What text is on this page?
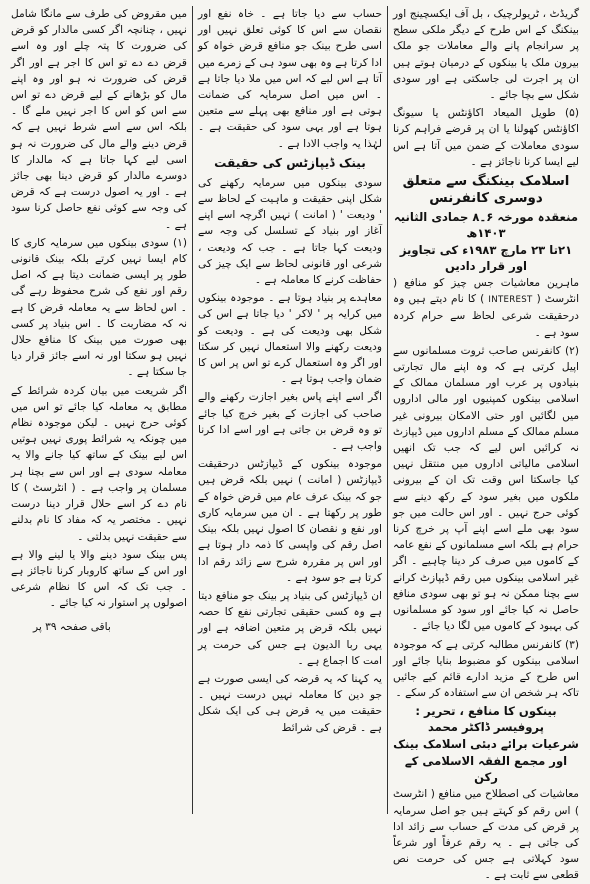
گریڈٹ ، ٹریولرچیک ، بل آف ایکسچینج اور بینکنگ کے اس طرح کے دیگر ملکی سطح پر سرانجام پانے والے معاملات جو ملک بیرون ملک یا بینکوں کے درمیان ہوتے ہیں ان پر اجرت لی جاسکتی ہے اور سودی شکل سے بچا جائے ۔

(۵) طویل المیعاد اکاؤنٹس یا سیونگ اکاؤنٹس کھولنا یا ان پر قرضے فراہم کرنا سودی معاملات کے ضمن میں آتا ہے اس لیے ایسا کرنا ناجائز ہے ۔

اسلامک بینکنگ سے متعلق دوسری کانفرنس
منعقدہ مورخہ ۶۔۸ جمادی الثانیہ ۱۴۰۳ھ
۲۱تا ۲۳ مارچ ۱۹۸۳ء کی تجاویز اور قرار دادیں

ماہرین معاشیات جس چیز کو منافع ( انٹرسٹ ( INTEREST ) کا نام دیتے ہیں وہ درحقیقت شرعی لحاظ سے حرام کردہ سود ہے ۔

(۲) کانفرنس صاحب ثروت مسلمانوں سے اپیل کرتی ہے کہ وہ اپنے مال تجارتی بنیادوں پر عرب اور مسلمان ممالک کے اسلامی بینکوں کمپنیوں اور مالی اداروں میں لگائیں اور حتی الامکان بیرونی غیر مسلم ممالک کے مسلم اداروں میں ڈیپازٹ نہ کرائیں اس لیے کہ جب تک انھیں اسلامی مالیاتی اداروں میں منتقل نہیں کیا جاسکتا اس وقت تک ان کے بیرونی ملکوں میں بغیر سود کے رکھ دینے سے کوئی حرج نہیں ۔ اور اس حالت میں جو سود بھی ملے اسے اپنے آپ پر خرچ کرنا حرام ہے بلکہ اسے مسلمانوں کے نفع عامہ کے کاموں میں صرف کر دینا چاہیے ۔ اگر غیر اسلامی بینکوں میں رقم ڈیپازٹ کرانے سے بچنا ممکن نہ ہو تو بھی سودی منافع حاصل نہ کیا جائے اور سود کو مسلمانوں کی بہبود کے کاموں میں لگا دیا جائے ۔

(۳) کانفرنس مطالبہ کرتی ہے کہ موجودہ اسلامی بینکوں کو مضبوط بنایا جائے اور اس طرح کے مزید ادارے قائم کیے جائیں تاکہ ہر شخص ان سے استفادہ کر سکے ۔

بینکوں کا منافع ، تحریر : پروفیسر ڈاکٹر محمد
شرعیات برائے دبئی اسلامک بینک
اور مجمع الفقہ الاسلامی کے رکن

معاشیات کی اصطلاح میں منافع ( انٹرسٹ ) اس رقم کو کہتے ہیں جو اصل سرمایہ پر قرض کی مدت کے حساب سے زائد ادا کی جاتی ہے ۔ یہ رقم عرفاً اور شرعاً سود کہلاتی ہے جس کی حرمت نص قطعی سے ثابت ہے ۔

حساب سے دیا جاتا ہے ۔ خاہ نفع اور نقصان سے اس کا کوئی تعلق نہیں اور اسی طرح بینک جو منافع قرض خواہ کو ادا کرتا ہے وہ بھی سود ہی کے زمرے میں آتا ہے اس لیے کہ اس میں ملا دیا جاتا ہے ۔ اس میں اصل سرمایہ کی ضمانت ہوتی ہے اور منافع بھی پہلے سے متعین ہوتا ہے اور یہی سود کی حقیقت ہے ۔ لہٰذا یہ واجب الادا ہے ۔

بینک ڈیپازٹس کی حقیقت

سودی بینکوں میں سرمایہ رکھنے کی شکل اپنی حقیقت و ماہیت کے لحاظ سے ' ودیعت ' ( امانت ) نہیں اگرچہ اسے اپنے آغاز اور بنیاد کے تسلسل کی وجہ سے ودیعت کہا جاتا ہے ۔ جب کہ ودیعت ، شرعی اور قانونی لحاظ سے ایک چیز کی حفاظت کرنے کا معاملہ ہے ۔

معاہدے پر بنیاد ہوتا ہے ۔ موجودہ بینکوں میں کرایہ پر ' لاکر ' دیا جاتا ہے اس کی شکل بھی ودیعت کی ہے ۔ ودیعت کو ودیعت رکھنے والا استعمال نہیں کر سکتا اور اگر وہ استعمال کرے تو اس پر اس کا ضمان واجب ہوتا ہے ۔

اگر اسے اپنے پاس بغیر اجازت رکھنے والے صاحب کی اجازت کے بغیر خرچ کیا جائے تو وہ قرض بن جاتی ہے اور اسے ادا کرنا واجب ہے ۔

موجودہ بینکوں کے ڈیپازٹس درحقیقت ڈیپازٹس ( امانت ) نہیں بلکہ قرض ہیں جو کہ بینک عرف عام میں قرض خواہ کے طور پر رکھتا ہے ۔ ان میں سرمایہ کاری اور نفع و نقصان کا اصول نہیں بلکہ بینک اصل رقم کی واپسی کا ذمہ دار ہوتا ہے اور اس پر مقررہ شرح سے زائد رقم ادا کرتا ہے جو سود ہے ۔

ان ڈیپازٹس کی بنیاد پر بینک جو منافع دیتا ہے وہ کسی حقیقی تجارتی نفع کا حصہ نہیں بلکہ قرض پر متعین اضافہ ہے اور یہی ربا الدیون ہے جس کی حرمت پر امت کا اجماع ہے ۔

یہ کہنا کہ یہ قرضہ کی ایسی صورت ہے جو دین کا معاملہ نہیں درست نہیں ۔ حقیقت میں یہ قرض ہی کی ایک شکل ہے ۔ قرض کی شرائط

میں مقروض کی طرف سے مانگا شامل نہیں ، چنانچہ اگر کسی مالدار کو قرض کی ضرورت کا پتہ چلے اور وہ اسے قرض دے دے تو اس کا اجر ہے اور اگر قرض کی ضرورت نہ ہو اور وہ اپنے مال کو بڑھانے کے لیے قرض دے تو اس سے اس کو اس کا اجر نہیں ملے گا ۔ بلکہ اس سے اسے شرط نہیں ہے کہ قرض دینے والے مال کی ضرورت نہ ہو اسی لیے کہا جاتا ہے کہ مالدار کا دوسرے مالدار کو قرض دینا بھی جائز ہے ۔ اور یہ اصول درست ہے کہ قرض کی وجہ سے کوئی نفع حاصل کرنا سود ہے ۔

(۱) سودی بینکوں میں سرمایہ کاری کا کام ایسا نہیں کرتے بلکہ بینک قانونی طور پر ایسی ضمانت دیتا ہے کہ اصل رقم اور نفع کی شرح محفوظ رہے گی ۔ اس لحاظ سے یہ معاملہ قرض کا ہے نہ کہ مضاربت کا ۔ اس بنیاد پر کسی بھی صورت میں بینک کا منافع حلال نہیں ہو سکتا اور نہ اسے جائز قرار دیا جا سکتا ہے ۔

اگر شریعت میں بیان کردہ شرائط کے مطابق یہ معاملہ کیا جائے تو اس میں کوئی حرج نہیں ۔ لیکن موجودہ نظام میں چونکہ یہ شرائط پوری نہیں ہوتیں اس لیے بینک کے ساتھ کیا جانے والا یہ معاملہ سودی ہے اور اس سے بچنا ہر مسلمان پر واجب ہے ۔ ( انٹرسٹ ) کا نام دے کر اسے حلال قرار دینا درست نہیں ۔ مختصر یہ کہ مفاد کا نام بدلنے سے حقیقت نہیں بدلتی ۔

پس بینک سود دینے والا یا لینے والا ہے اور اس کے ساتھ کاروبار کرنا ناجائز ہے ۔ جب تک کہ اس کا نظام شرعی اصولوں پر استوار نہ کیا جائے ۔

باقی صفحہ ۳۹ پر
